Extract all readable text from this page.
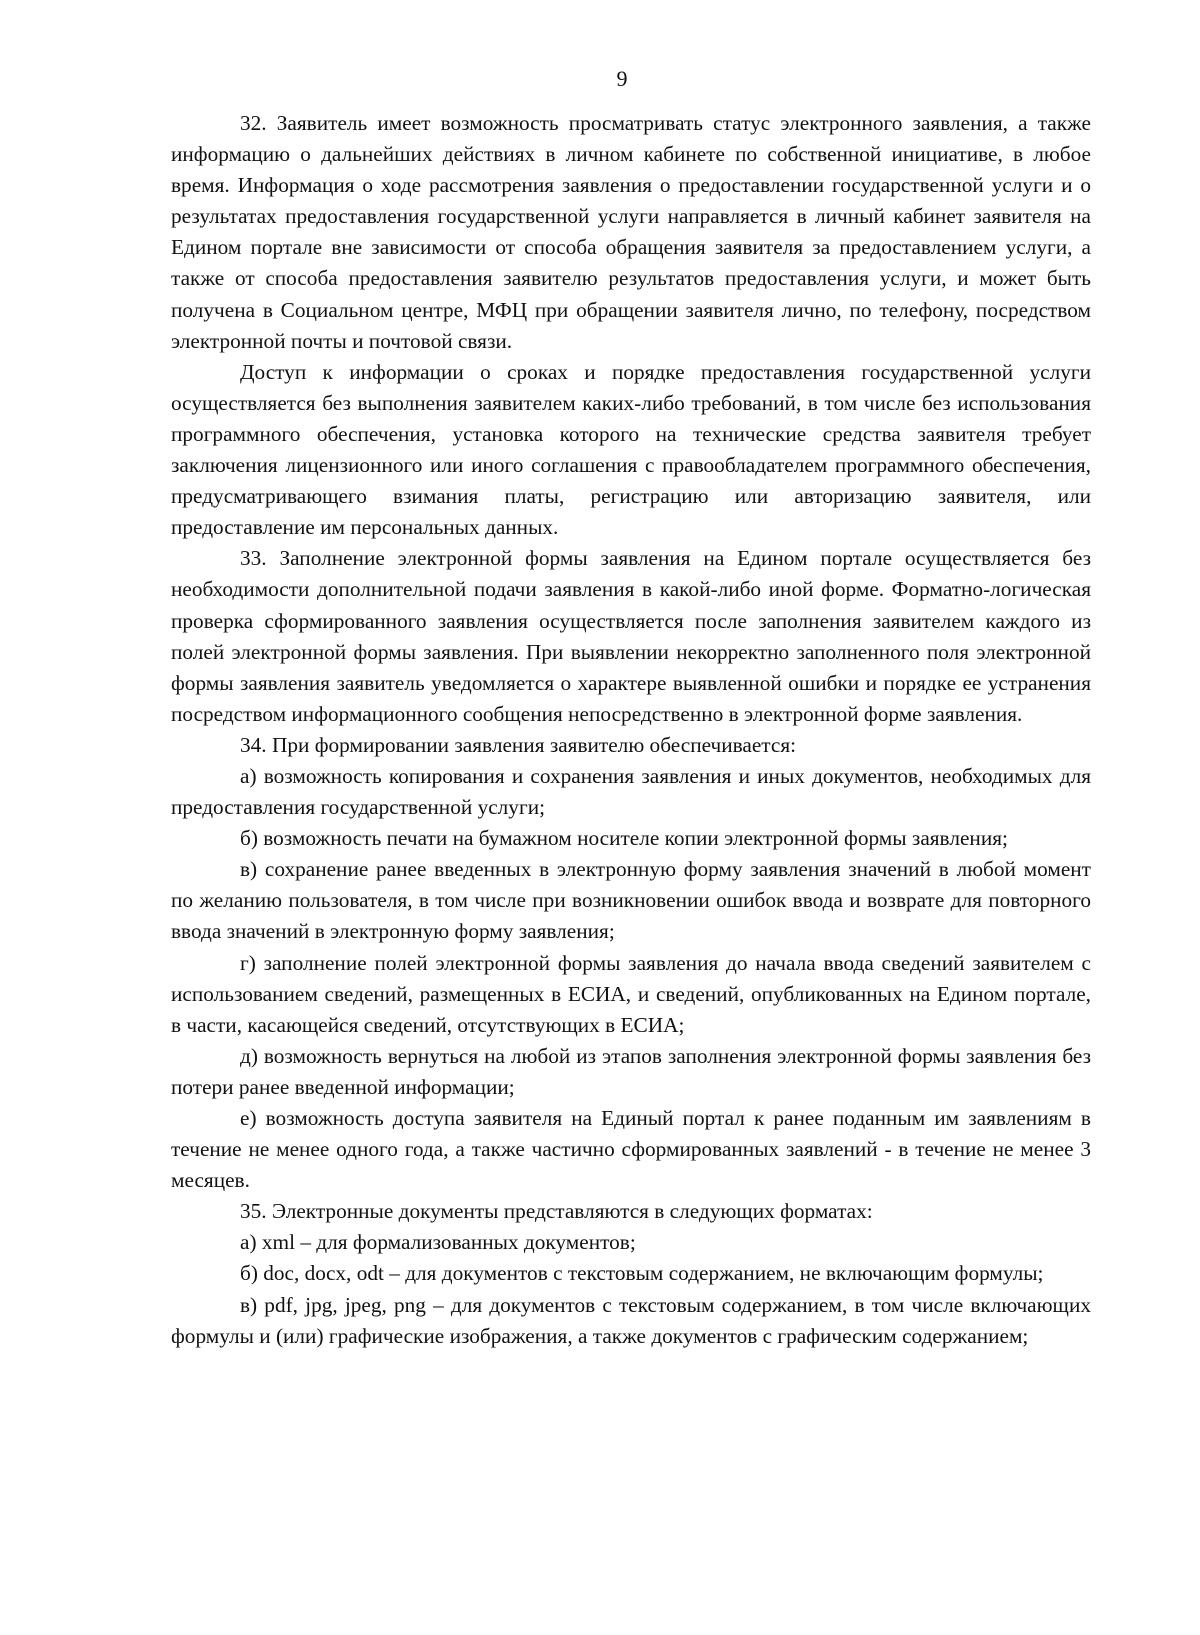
9

32. Заявитель имеет возможность просматривать статус электронного заявления, а также информацию о дальнейших действиях в личном кабинете по собственной инициативе, в любое время. Информация о ходе рассмотрения заявления о предоставлении государственной услуги и о результатах предоставления государственной услуги направляется в личный кабинет заявителя на Едином портале вне зависимости от способа обращения заявителя за предоставлением услуги, а также от способа предоставления заявителю результатов предоставления услуги, и может быть получена в Социальном центре, МФЦ при обращении заявителя лично, по телефону, посредством электронной почты и почтовой связи.

Доступ к информации о сроках и порядке предоставления государственной услуги осуществляется без выполнения заявителем каких-либо требований, в том числе без использования программного обеспечения, установка которого на технические средства заявителя требует заключения лицензионного или иного соглашения с правообладателем программного обеспечения, предусматривающего взимания платы, регистрацию или авторизацию заявителя, или предоставление им персональных данных.

33. Заполнение электронной формы заявления на Едином портале осуществляется без необходимости дополнительной подачи заявления в какой-либо иной форме. Форматно-логическая проверка сформированного заявления осуществляется после заполнения заявителем каждого из полей электронной формы заявления. При выявлении некорректно заполненного поля электронной формы заявления заявитель уведомляется о характере выявленной ошибки и порядке ее устранения посредством информационного сообщения непосредственно в электронной форме заявления.

34. При формировании заявления заявителю обеспечивается:

а) возможность копирования и сохранения заявления и иных документов, необходимых для предоставления государственной услуги;

б) возможность печати на бумажном носителе копии электронной формы заявления;

в) сохранение ранее введенных в электронную форму заявления значений в любой момент по желанию пользователя, в том числе при возникновении ошибок ввода и возврате для повторного ввода значений в электронную форму заявления;

г) заполнение полей электронной формы заявления до начала ввода сведений заявителем с использованием сведений, размещенных в ЕСИА, и сведений, опубликованных на Едином портале, в части, касающейся сведений, отсутствующих в ЕСИА;

д) возможность вернуться на любой из этапов заполнения электронной формы заявления без потери ранее введенной информации;

е) возможность доступа заявителя на Единый портал к ранее поданным им заявлениям в течение не менее одного года, а также частично сформированных заявлений - в течение не менее 3 месяцев.

35. Электронные документы представляются в следующих форматах:

а) xml – для формализованных документов;

б) doc, docx, odt – для документов с текстовым содержанием, не включающим формулы;

в) pdf, jpg, jpeg, png – для документов с текстовым содержанием, в том числе включающих формулы и (или) графические изображения, а также документов с графическим содержанием;
